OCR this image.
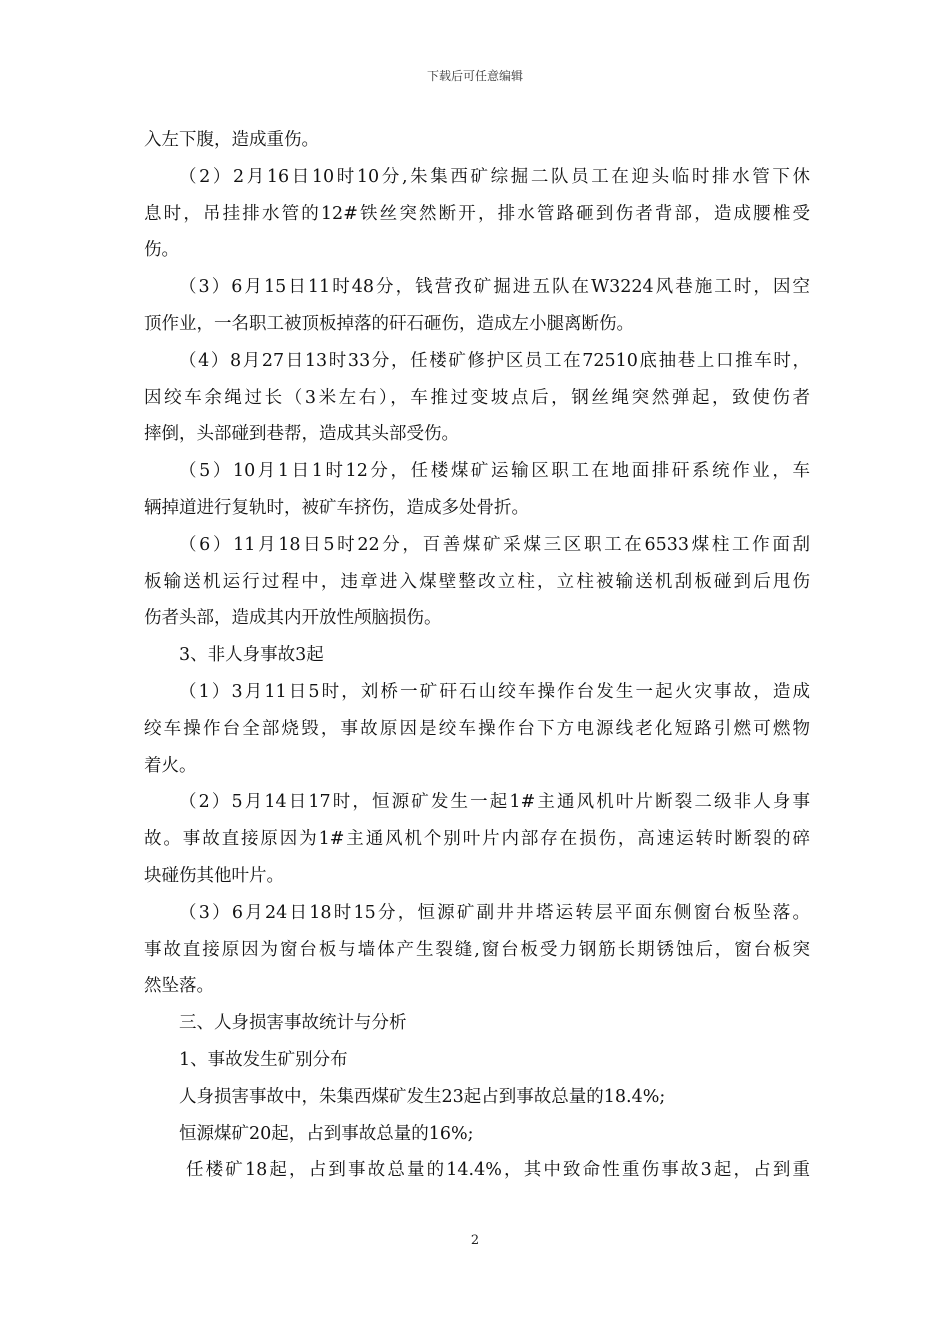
下载后可任意编辑
入左下腹，造成重伤。
（2）2月16日10时10分,朱集西矿综掘二队员工在迎头临时排水管下休
息时，吊挂排水管的12#铁丝突然断开，排水管路砸到伤者背部，造成腰椎受
伤。
（3）6月15日11时48分，钱营孜矿掘进五队在W3224风巷施工时，因空
顶作业，一名职工被顶板掉落的矸石砸伤，造成左小腿离断伤。
（4）8月27日13时33分，任楼矿修护区员工在72510底抽巷上口推车时，
因绞车余绳过长（3米左右），车推过变坡点后，钢丝绳突然弹起，致使伤者
摔倒，头部碰到巷帮，造成其头部受伤。
（5）10月1日1时12分，任楼煤矿运输区职工在地面排矸系统作业，车
辆掉道进行复轨时，被矿车挤伤，造成多处骨折。
（6）11月18日5时22分，百善煤矿采煤三区职工在6533煤柱工作面刮
板输送机运行过程中，违章进入煤壁整改立柱，立柱被输送机刮板碰到后甩伤
伤者头部，造成其内开放性颅脑损伤。
3、非人身事故3起
（1）3月11日5时，刘桥一矿矸石山绞车操作台发生一起火灾事故，造成
绞车操作台全部烧毁，事故原因是绞车操作台下方电源线老化短路引燃可燃物
着火。
（2）5月14日17时，恒源矿发生一起1#主通风机叶片断裂二级非人身事
故。事故直接原因为1#主通风机个别叶片内部存在损伤，高速运转时断裂的碎
块碰伤其他叶片。
（3）6月24日18时15分，恒源矿副井井塔运转层平面东侧窗台板坠落。
事故直接原因为窗台板与墙体产生裂缝,窗台板受力钢筋长期锈蚀后，窗台板突
然坠落。
三、人身损害事故统计与分析
1、事故发生矿别分布
人身损害事故中，朱集西煤矿发生23起占到事故总量的18.4%;
恒源煤矿20起，占到事故总量的16%;
任楼矿18起，占到事故总量的14.4%，其中致命性重伤事故3起，占到重
2
